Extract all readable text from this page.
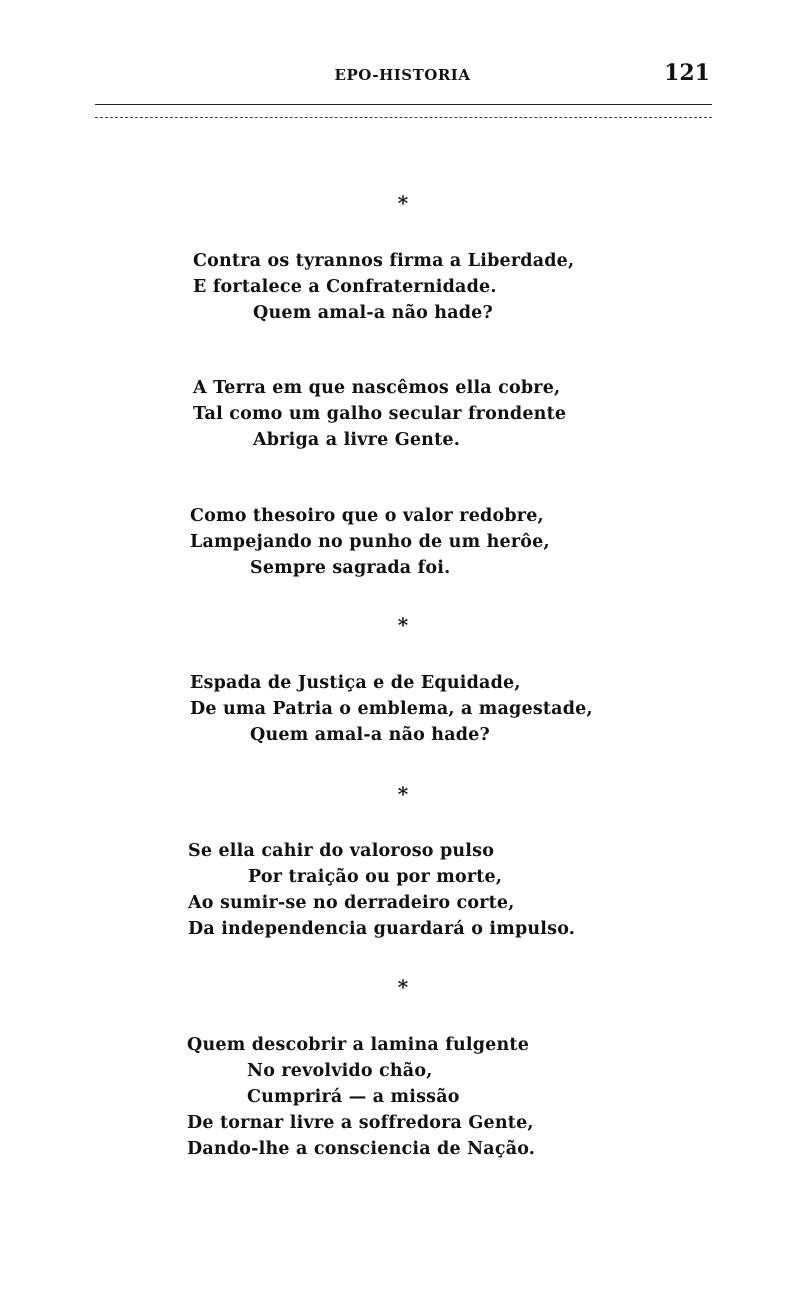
EPO-HISTORIA	121
*
Contra os tyrannos firma a Liberdade,
E fortalece a Confraternidade.
Quem amal-a não hade?
A Terra em que nascêmos ella cobre,
Tal como um galho secular frondente
Abriga a livre Gente.
Como thesoiro que o valor redobre,
Lampejando no punho de um herôe,
Sempre sagrada foi.
*
Espada de Justiça e de Equidade,
De uma Patria o emblema, a magestade,
Quem amal-a não hade?
*
Se ella cahir do valoroso pulso
Por traição ou por morte,
Ao sumir-se no derradeiro corte,
Da independencia guardará o impulso.
*
Quem descobrir a lamina fulgente
No revolvido chão,
Cumprirá — a missão
De tornar livre a soffredora Gente,
Dando-lhe a consciencia de Nação.
